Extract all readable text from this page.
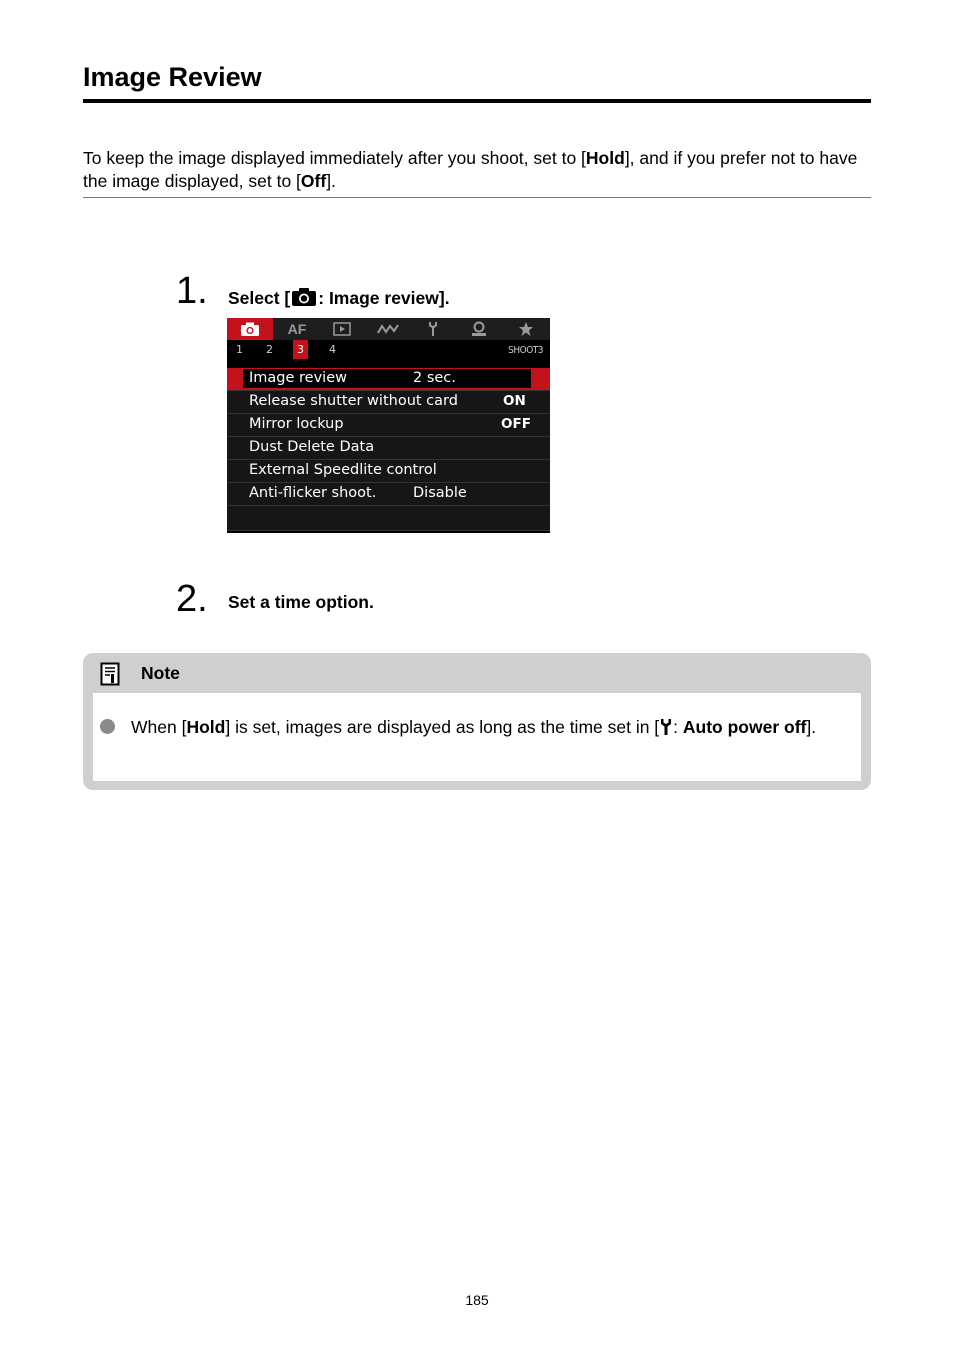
Image Review

To keep the image displayed immediately after you shoot, set to [Hold], and if you prefer not to have the image displayed, set to [Off].

1. Select [ : Image review].
AF
1 2	3	4	SHOOT3
Image review	2 sec.
Release shutter without card	ON
Mirror lockup	OFF
Dust Delete Data
External Speedlite control
Anti-flicker shoot.	Disable
2. Set a time option.
Note

When [Hold] is set, images are displayed as long as the time set in [ : Auto power off].

185
